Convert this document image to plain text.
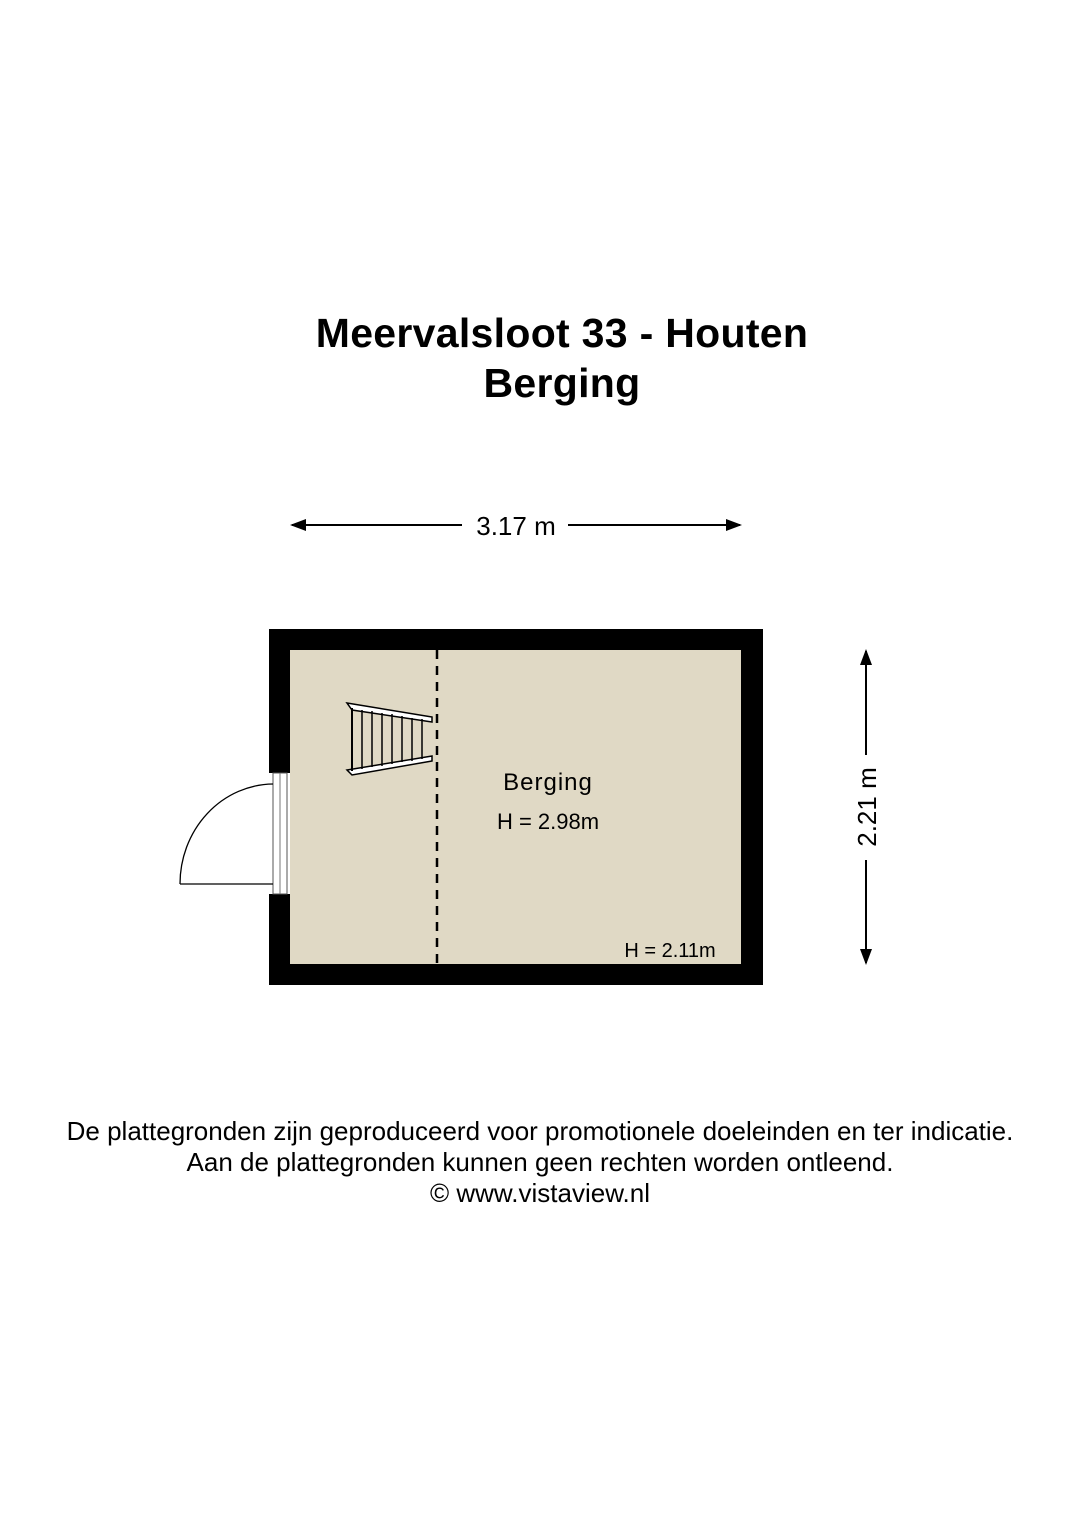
Meervalsloot 33 - Houten
Berging
3.17 m
2.21 m
Berging
H = 2.98m
H = 2.11m
De plattegronden zijn geproduceerd voor promotionele doeleinden en ter indicatie.
Aan de plattegronden kunnen geen rechten worden ontleend.
© www.vistaview.nl
